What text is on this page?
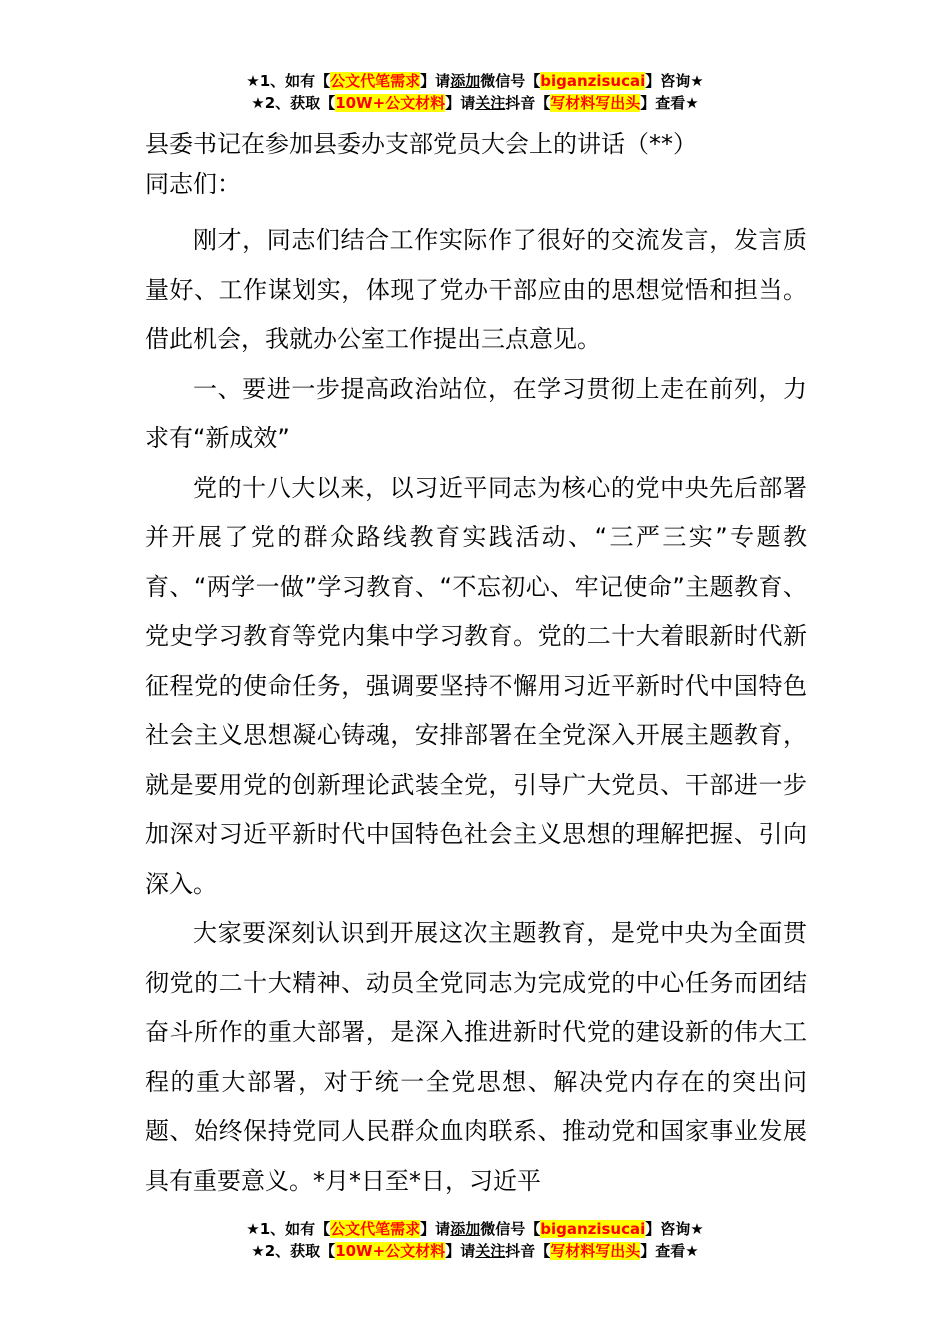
★1、如有【公文代笔需求】请添加微信号【biganzisucai】咨询★
★2、获取【10W+公文材料】请关注抖音【写材料写出头】查看★

县委书记在参加县委办支部党员大会上的讲话（**）

同志们：

刚才，同志们结合工作实际作了很好的交流发言，发言质量好、工作谋划实，体现了党办干部应由的思想觉悟和担当。借此机会，我就办公室工作提出三点意见。

一、要进一步提高政治站位，在学习贯彻上走在前列，力求有“新成效”

党的十八大以来，以习近平同志为核心的党中央先后部署并开展了党的群众路线教育实践活动、“三严三实”专题教育、“两学一做”学习教育、“不忘初心、牢记使命”主题教育、党史学习教育等党内集中学习教育。党的二十大着眼新时代新征程党的使命任务，强调要坚持不懈用习近平新时代中国特色社会主义思想凝心铸魂，安排部署在全党深入开展主题教育，就是要用党的创新理论武装全党，引导广大党员、干部进一步加深对习近平新时代中国特色社会主义思想的理解把握、引向深入。

大家要深刻认识到开展这次主题教育，是党中央为全面贯彻党的二十大精神、动员全党同志为完成党的中心任务而团结奋斗所作的重大部署，是深入推进新时代党的建设新的伟大工程的重大部署，对于统一全党思想、解决党内存在的突出问题、始终保持党同人民群众血肉联系、推动党和国家事业发展具有重要意义。*月*日至*日，习近平

★1、如有【公文代笔需求】请添加微信号【biganzisucai】咨询★
★2、获取【10W+公文材料】请关注抖音【写材料写出头】查看★
